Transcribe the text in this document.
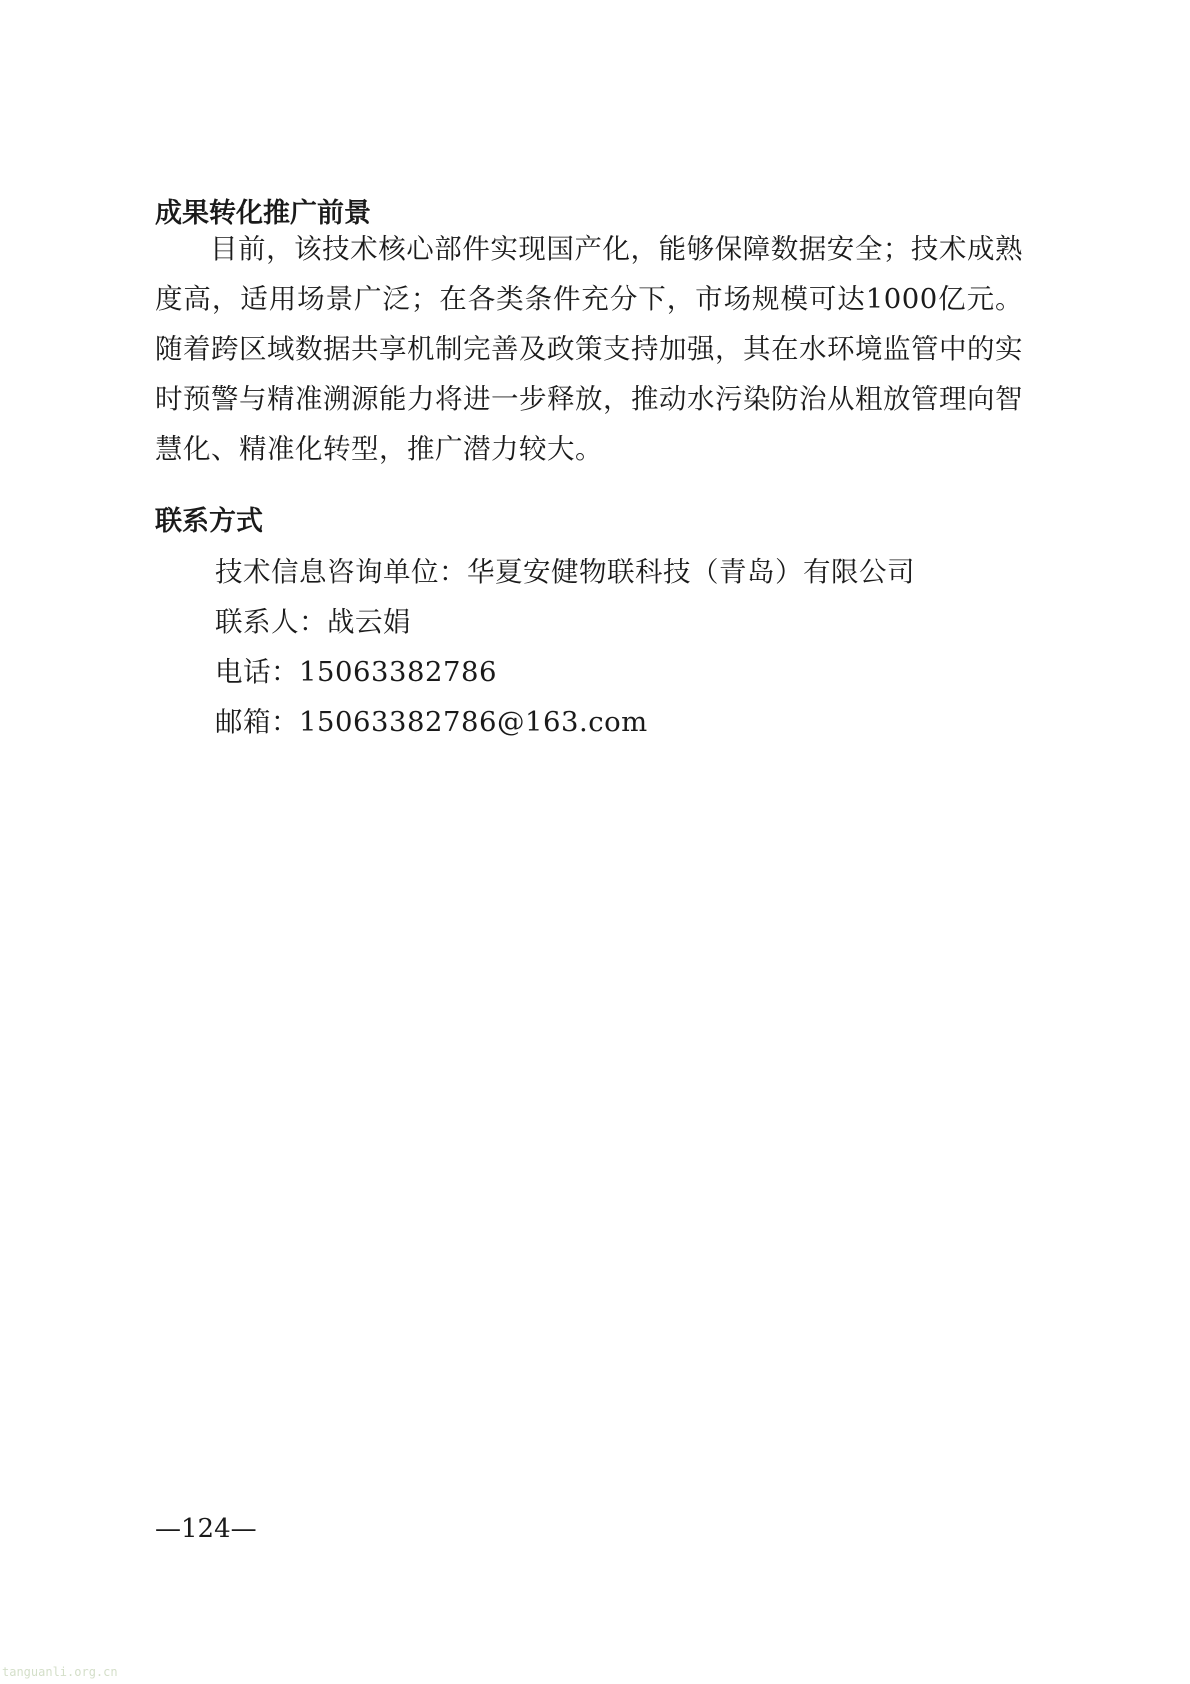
成果转化推广前景

目前，该技术核心部件实现国产化，能够保障数据安全；技术成熟度高，适用场景广泛；在各类条件充分下，市场规模可达1000亿元。随着跨区域数据共享机制完善及政策支持加强，其在水环境监管中的实时预警与精准溯源能力将进一步释放，推动水污染防治从粗放管理向智慧化、精准化转型，推广潜力较大。

联系方式

技术信息咨询单位：华夏安健物联科技（青岛）有限公司

联系人：战云娟

电话：15063382786

邮箱：15063382786@163.com

—124—
tanguanli.org.cn
